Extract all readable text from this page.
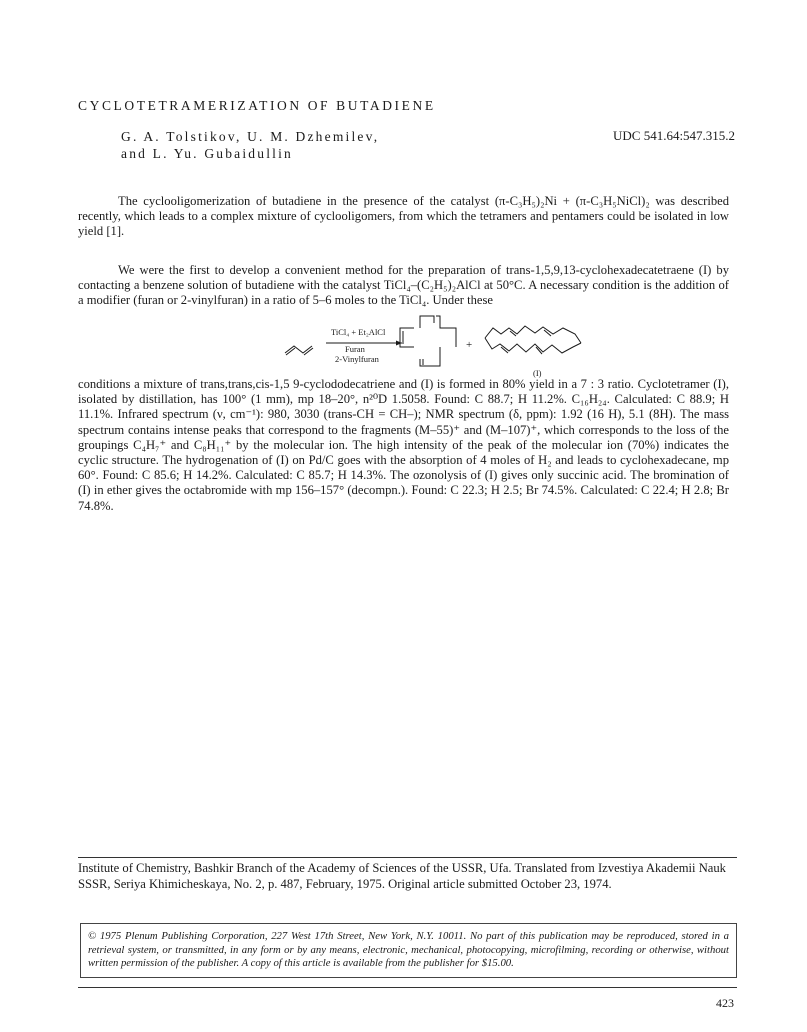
CYCLOTETRAMERIZATION OF BUTADIENE
G. A. Tolstikov, U. M. Dzhemilev,
and L. Yu. Gubaidullin
UDC 541.64:547.315.2

The cyclooligomerization of butadiene in the presence of the catalyst (π-C₃H₅)₂Ni + (π-C₃H₅NiCl)₂ was described recently, which leads to a complex mixture of cyclooligomers, from which the tetramers and pentamers could be isolated in low yield [1].

We were the first to develop a convenient method for the preparation of trans-1,5,9,13-cyclohexadecatetraene (I) by contacting a benzene solution of butadiene with the catalyst TiCl₄–(C₂H₅)₂AlCl at 50°C. A necessary condition is the addition of a modifier (furan or 2-vinylfuran) in a ratio of 5–6 moles to the TiCl₄. Under these

TiCl₄ + Et₂AlCl
Furan
2-Vinylfuran
+
(I)

conditions a mixture of trans,trans,cis-1,5 9-cyclododecatriene and (I) is formed in 80% yield in a 7 : 3 ratio. Cyclotetramer (I), isolated by distillation, has 100° (1 mm), mp 18–20°, n²⁰D 1.5058. Found: C 88.7; H 11.2%. C₁₆H₂₄. Calculated: C 88.9; H 11.1%. Infrared spectrum (ν, cm⁻¹): 980, 3030 (trans-CH = CH–); NMR spectrum (δ, ppm): 1.92 (16 H), 5.1 (8H). The mass spectrum contains intense peaks that correspond to the fragments (M–55)⁺ and (M–107)⁺, which corresponds to the loss of the groupings C₄H₇⁺ and C₈H₁₁⁺ by the molecular ion. The high intensity of the peak of the molecular ion (70%) indicates the cyclic structure. The hydrogenation of (I) on Pd/C goes with the absorption of 4 moles of H₂ and leads to cyclohexadecane, mp 60°. Found: C 85.6; H 14.2%. Calculated: C 85.7; H 14.3%. The ozonolysis of (I) gives only succinic acid. The bromination of (I) in ether gives the octabromide with mp 156–157° (decompn.). Found: C 22.3; H 2.5; Br 74.5%. Calculated: C 22.4; H 2.8; Br 74.8%.

Institute of Chemistry, Bashkir Branch of the Academy of Sciences of the USSR, Ufa. Translated from Izvestiya Akademii Nauk SSSR, Seriya Khimicheskaya, No. 2, p. 487, February, 1975. Original article submitted October 23, 1974.

© 1975 Plenum Publishing Corporation, 227 West 17th Street, New York, N.Y. 10011. No part of this publication may be reproduced, stored in a retrieval system, or transmitted, in any form or by any means, electronic, mechanical, photocopying, microfilming, recording or otherwise, without written permission of the publisher. A copy of this article is available from the publisher for $15.00.
423
